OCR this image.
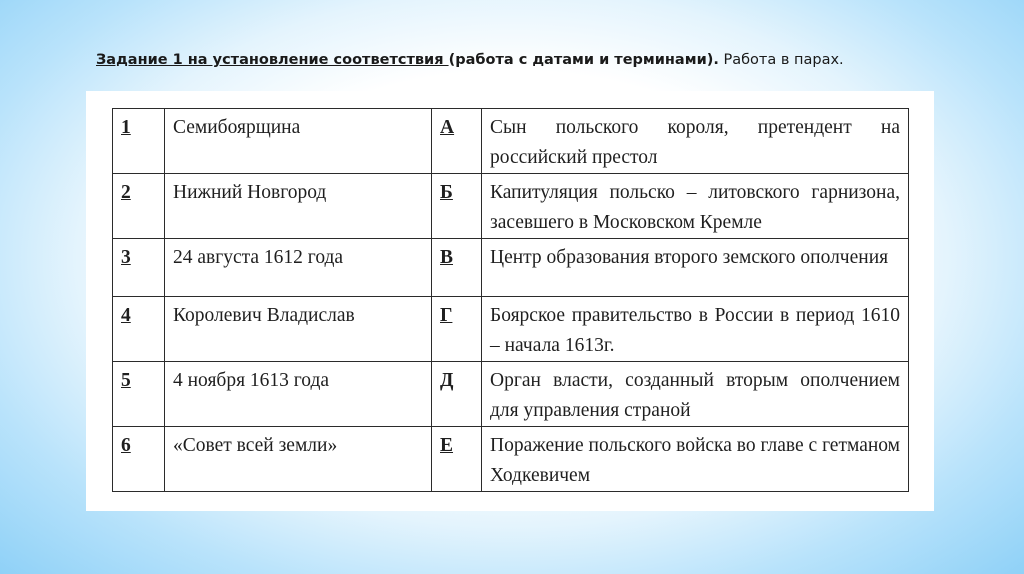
Задание 1 на установление соответствия (работа с датами и терминами). Работа в парах.
1	Семибоярщина	А	Сын польского короля, претендент на российский престол
2	Нижний Новгород	Б	Капитуляция польско – литовского гарнизона, засевшего в Московском Кремле
3	24 августа 1612 года	В	Центр образования второго земского ополчения
4	Королевич Владислав	Г	Боярское правительство в России в период 1610 – начала 1613г.
5	4 ноября 1613 года	Д	Орган власти, созданный вторым ополчением для управления страной
6	«Совет всей земли»	Е	Поражение польского войска во главе с гетманом Ходкевичем
